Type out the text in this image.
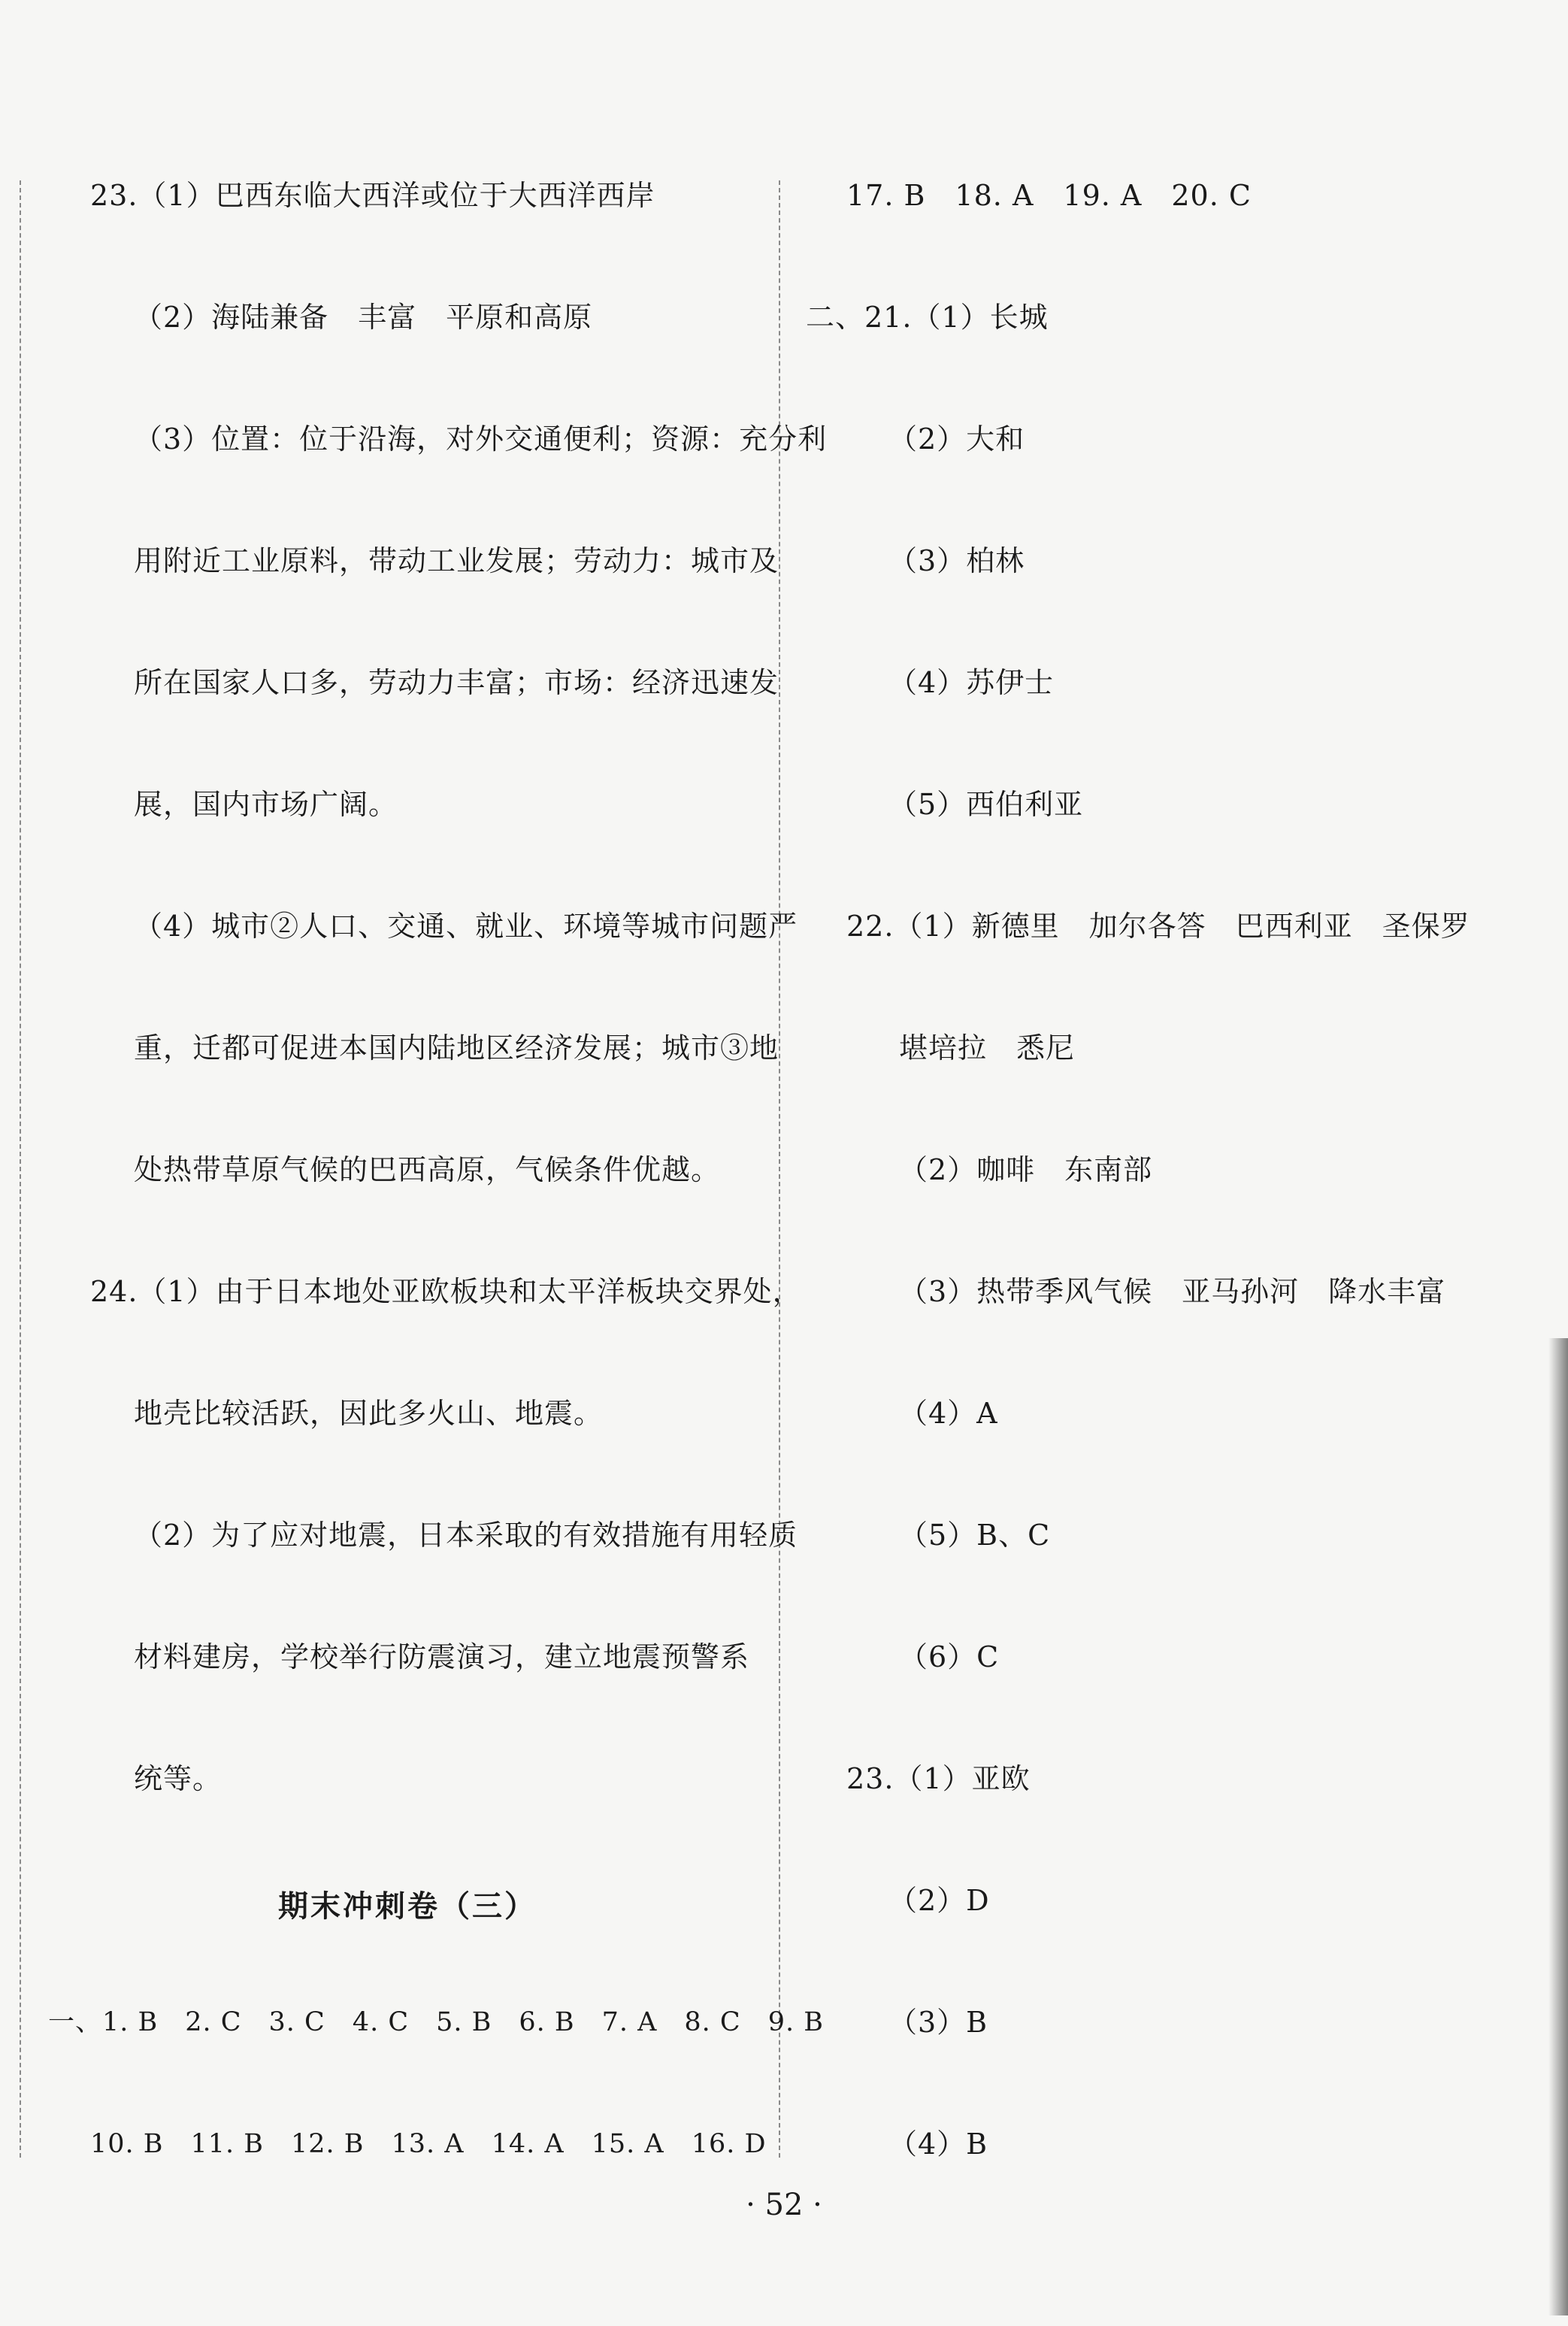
23.（1）巴西东临大西洋或位于大西洋西岸
（2）海陆兼备　丰富　平原和高原
（3）位置：位于沿海，对外交通便利；资源：充分利
用附近工业原料，带动工业发展；劳动力：城市及
所在国家人口多，劳动力丰富；市场：经济迅速发
展，国内市场广阔。
（4）城市②人口、交通、就业、环境等城市问题严
重，迁都可促进本国内陆地区经济发展；城市③地
处热带草原气候的巴西高原，气候条件优越。
24.（1）由于日本地处亚欧板块和太平洋板块交界处，
地壳比较活跃，因此多火山、地震。
（2）为了应对地震，日本采取的有效措施有用轻质
材料建房，学校举行防震演习，建立地震预警系
统等。
期末冲刺卷（三）
一、1. B　2. C　3. C　4. C　5. B　6. B　7. A　8. C　9. B
10. B　11. B　12. B　13. A　14. A　15. A　16. D
17. B　18. A　19. A　20. C
二、21.（1）长城
（2）大和
（3）柏林
（4）苏伊士
（5）西伯利亚
22.（1）新德里　加尔各答　巴西利亚　圣保罗
堪培拉　悉尼
（2）咖啡　东南部
（3）热带季风气候　亚马孙河　降水丰富
（4）A
（5）B、C
（6）C
23.（1）亚欧
（2）D
（3）B
（4）B
· 52 ·
